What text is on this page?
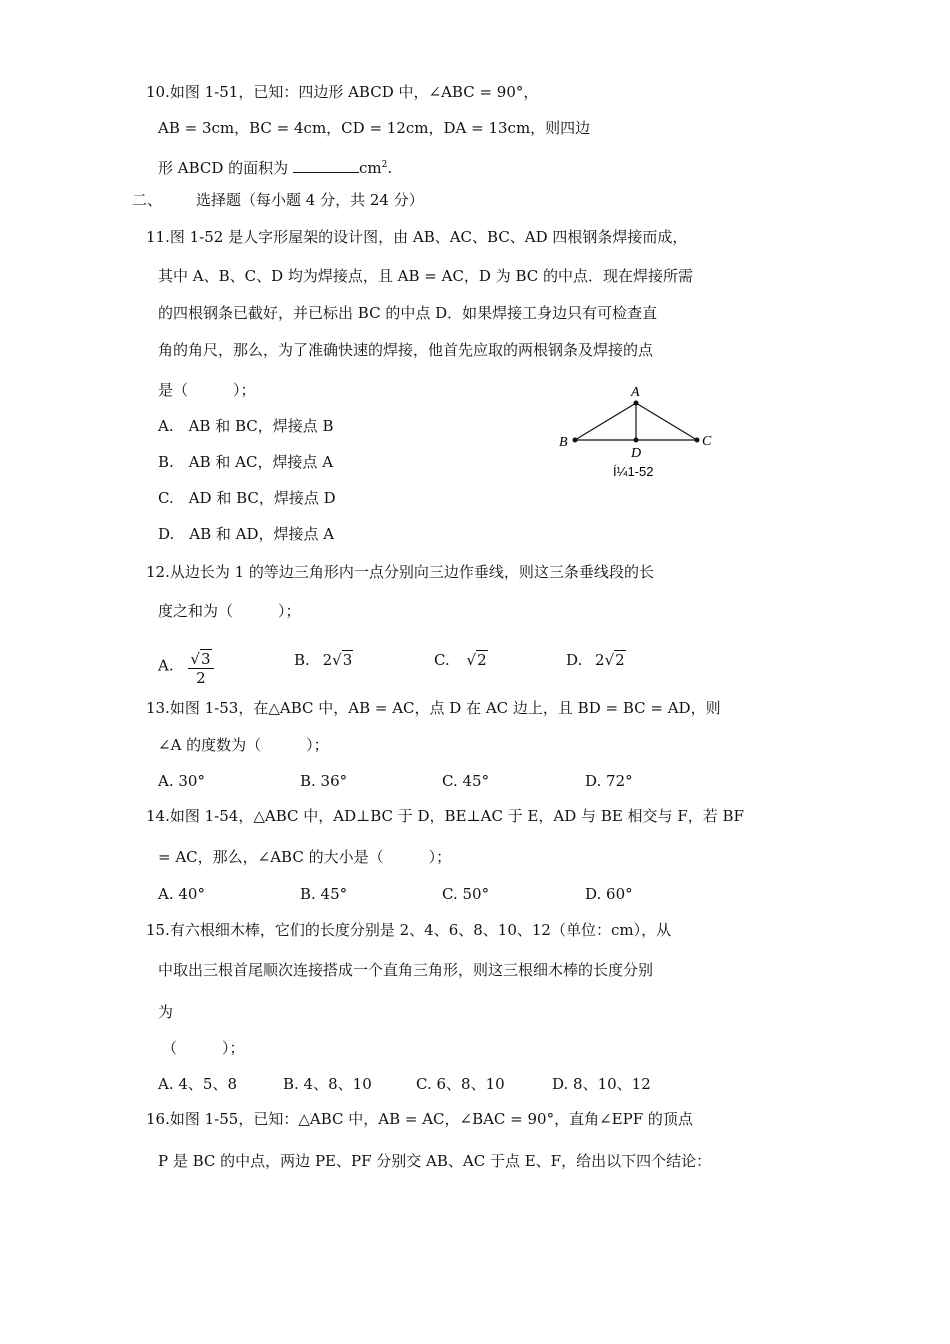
10.如图 1-51，已知：四边形 ABCD 中，∠ABC = 90°，
AB = 3cm，BC = 4cm，CD = 12cm，DA = 13cm，则四边
形 ABCD 的面积为	$cm^2$.
二、 选择题（每小题 4 分，共 24 分）
11.图 1-52 是人字形屋架的设计图，由 AB、AC、BC、AD 四根钢条焊接而成，
其中 A、B、C、D 均为焊接点，且 AB = AC，D 为 BC 的中点．现在焊接所需
的四根钢条已截好，并已标出 BC 的中点 D．如果焊接工身边只有可检查直
角的角尺，那么，为了准确快速的焊接，他首先应取的两根钢条及焊接的点
是（　　　）；
A.　AB 和 BC，焊接点 B
B.　AB 和 AC，焊接点 A
C.　AD 和 BC，焊接点 D
D.　AB 和 AD，焊接点 A
A
B	C
D
Í¼1-52
12.从边长为 1 的等边三角形内一点分别向三边作垂线，则这三条垂线段的长
度之和为（　　　）；
A. $\frac{√3}{2}$	B. 2√3	C. √2	D. 2√2
13.如图 1-53，在△ABC 中，AB = AC，点 D 在 AC 边上，且 BD = BC = AD，则
∠A 的度数为（　　　）；
A. 30°	B. 36°	C. 45°	D. 72°
14.如图 1-54，△ABC 中，AD⊥BC 于 D，BE⊥AC 于 E，AD 与 BE 相交与 F，若 BF
= AC，那么，∠ABC 的大小是（　　　）；
A. 40°	B. 45°	C. 50°	D. 60°
15.有六根细木棒，它们的长度分别是 2、4、6、8、10、12（单位：cm），从
中取出三根首尾顺次连接搭成一个直角三角形，则这三根细木棒的长度分别
为
（　　　）；
A. 4、5、8	B. 4、8、10	C. 6、8、10	D. 8、10、12
16.如图 1-55，已知：△ABC 中，AB = AC，∠BAC = 90°，直角∠EPF 的顶点
P 是 BC 的中点，两边 PE、PF 分别交 AB、AC 于点 E、F，给出以下四个结论：
